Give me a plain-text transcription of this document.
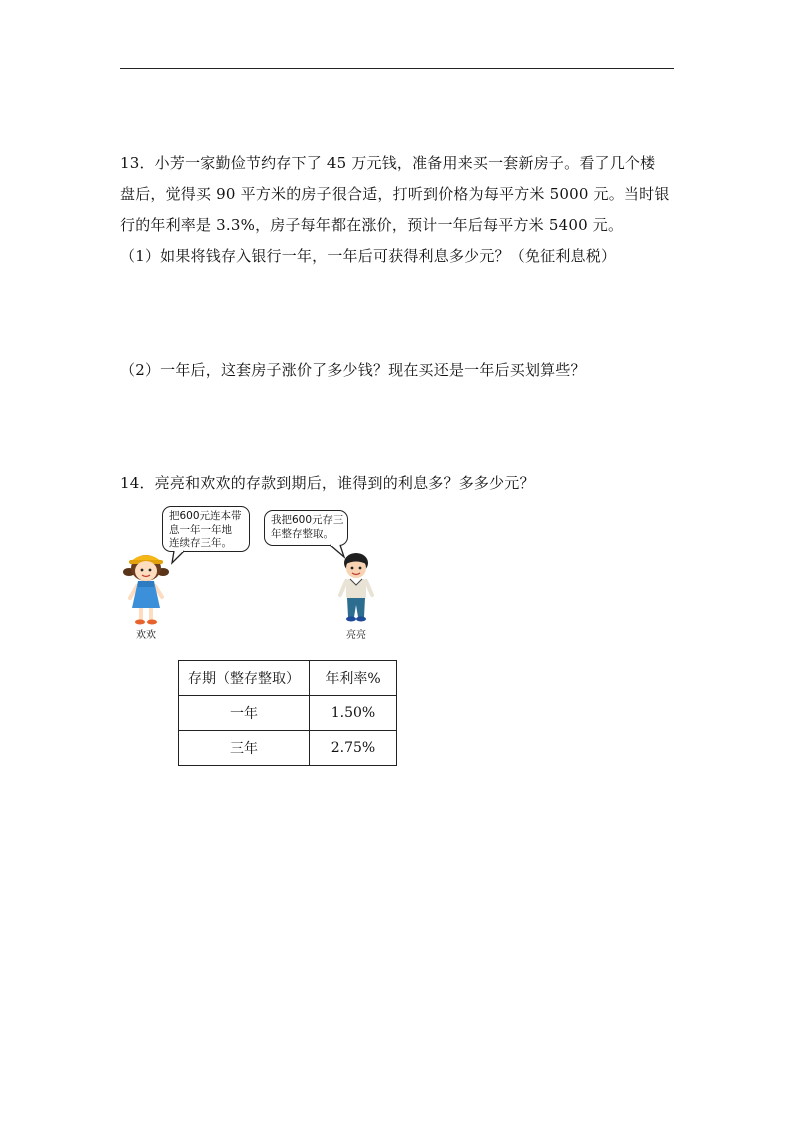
13．小芳一家勤俭节约存下了 45 万元钱，准备用来买一套新房子。看了几个楼
盘后，觉得买 90 平方米的房子很合适，打听到价格为每平方米 5000 元。当时银
行的年利率是 3.3%，房子每年都在涨价，预计一年后每平方米 5400 元。
（1）如果将钱存入银行一年，一年后可获得利息多少元？（免征利息税）
（2）一年后，这套房子涨价了多少钱？现在买还是一年后买划算些？
14．亮亮和欢欢的存款到期后，谁得到的利息多？多多少元？
把600元连本带
息一年一年地
连续存三年。
我把600元存三
年整存整取。
欢欢	亮亮
存期（整存整取）	年利率%
一年	1.50%
三年	2.75%
